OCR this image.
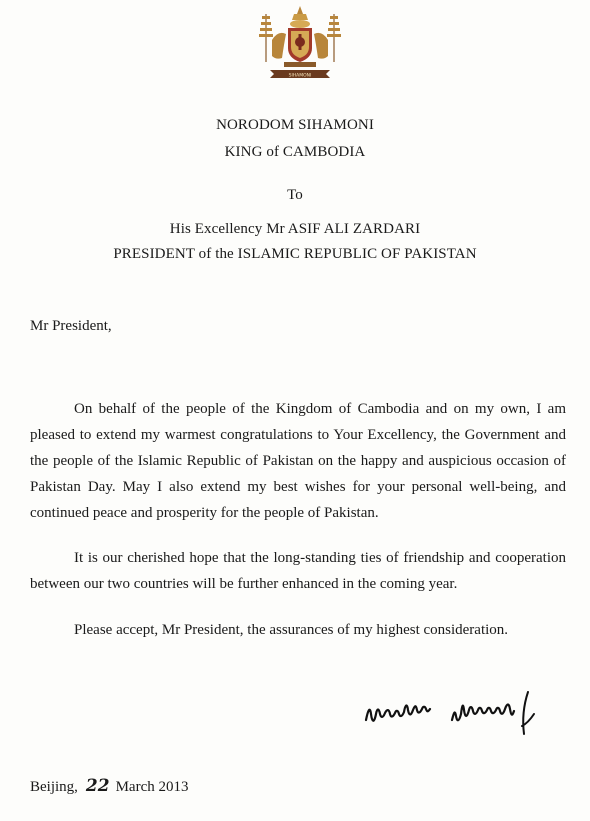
SIHAMONI
NORODOM SIHAMONI
KING of CAMBODIA
To
His Excellency Mr ASIF ALI ZARDARI
PRESIDENT of the ISLAMIC REPUBLIC OF PAKISTAN
Mr President,

On behalf of the people of the Kingdom of Cambodia and on my own, I am pleased to extend my warmest congratulations to Your Excellency, the Government and the people of the Islamic Republic of Pakistan on the happy and auspicious occasion of Pakistan Day. May I also extend my best wishes for your personal well-being, and continued peace and prosperity for the people of Pakistan.

It is our cherished hope that the long-standing ties of friendship and cooperation between our two countries will be further enhanced in the coming year.

Please accept, Mr President, the assurances of my highest consideration.
Beijing, 22 March 2013
